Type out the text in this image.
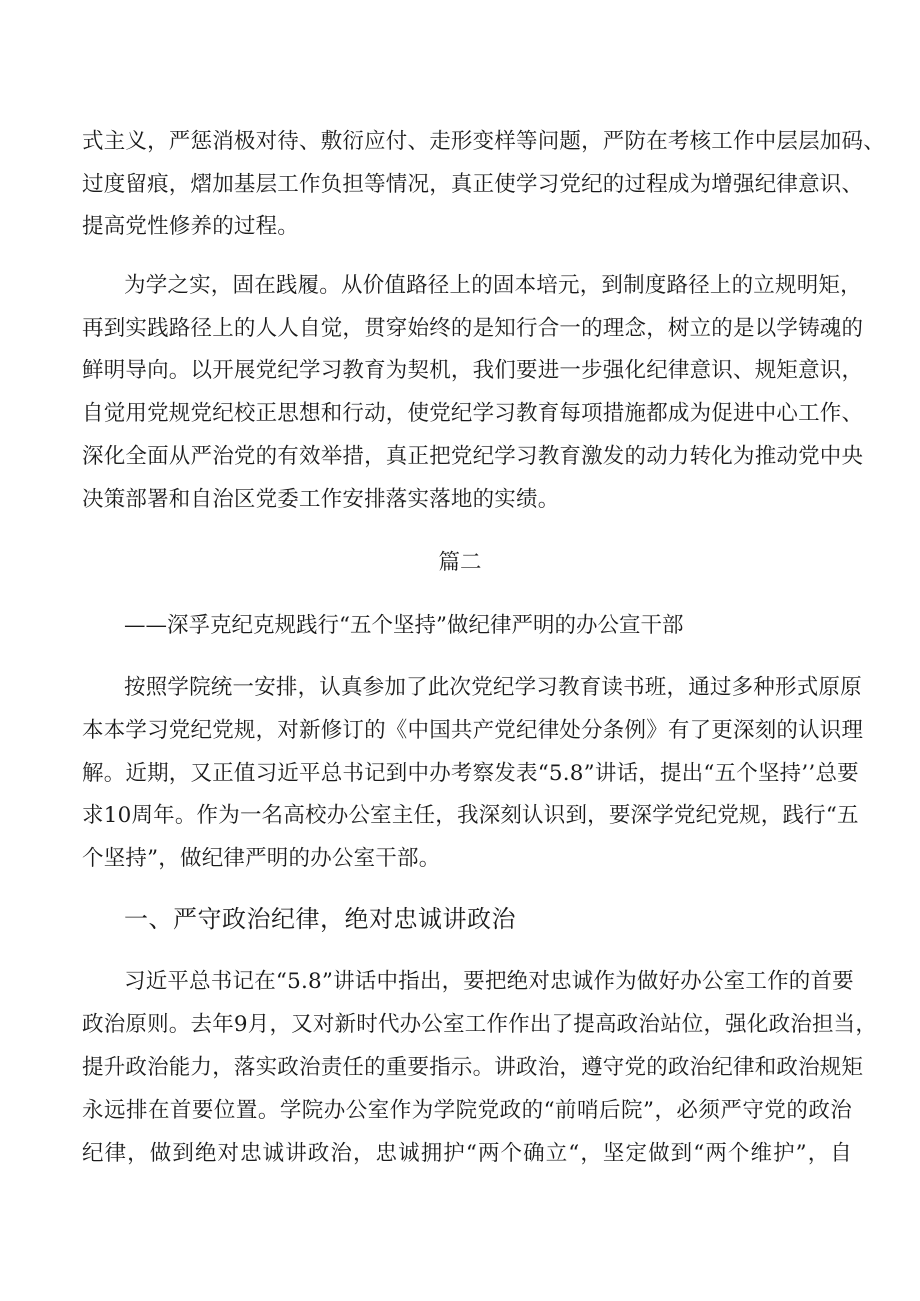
式主义，严惩消极对待、敷衍应付、走形变样等问题，严防在考核工作中层层加码、
过度留痕，熠加基层工作负担等情况，真正使学习党纪的过程成为增强纪律意识、
提高党性修养的过程。
为学之实，固在践履。从价值路径上的固本培元，到制度路径上的立规明矩，
再到实践路径上的人人自觉，贯穿始终的是知行合一的理念，树立的是以学铸魂的
鲜明导向。以开展党纪学习教育为契机，我们要进一步强化纪律意识、规矩意识，
自觉用党规党纪校正思想和行动，使党纪学习教育每项措施都成为促进中心工作、
深化全面从严治党的有效举措，真正把党纪学习教育激发的动力转化为推动党中央
决策部署和自治区党委工作安排落实落地的实绩。
篇二
——深孚克纪克规践行“五个坚持”做纪律严明的办公宣干部
按照学院统一安排，认真参加了此次党纪学习教育读书班，通过多种形式原原
本本学习党纪党规，对新修订的《中国共产党纪律处分条例》有了更深刻的认识理
解。近期，又正值习近平总书记到中办考察发表“5.8”讲话，提出“五个坚持’’总要
求10周年。作为一名高校办公室主任，我深刻认识到，要深学党纪党规，践行“五
个坚持”，做纪律严明的办公室干部。
一、严守政治纪律，绝对忠诚讲政治
习近平总书记在“5.8”讲话中指出，要把绝对忠诚作为做好办公室工作的首要
政治原则。去年9月，又对新时代办公室工作作出了提高政治站位，强化政治担当，
提升政治能力，落实政治责任的重要指示。讲政治，遵守党的政治纪律和政治规矩
永远排在首要位置。学院办公室作为学院党政的“前哨后院”，必须严守党的政治
纪律，做到绝对忠诚讲政治，忠诚拥护“两个确立“，坚定做到“两个维护”，自
